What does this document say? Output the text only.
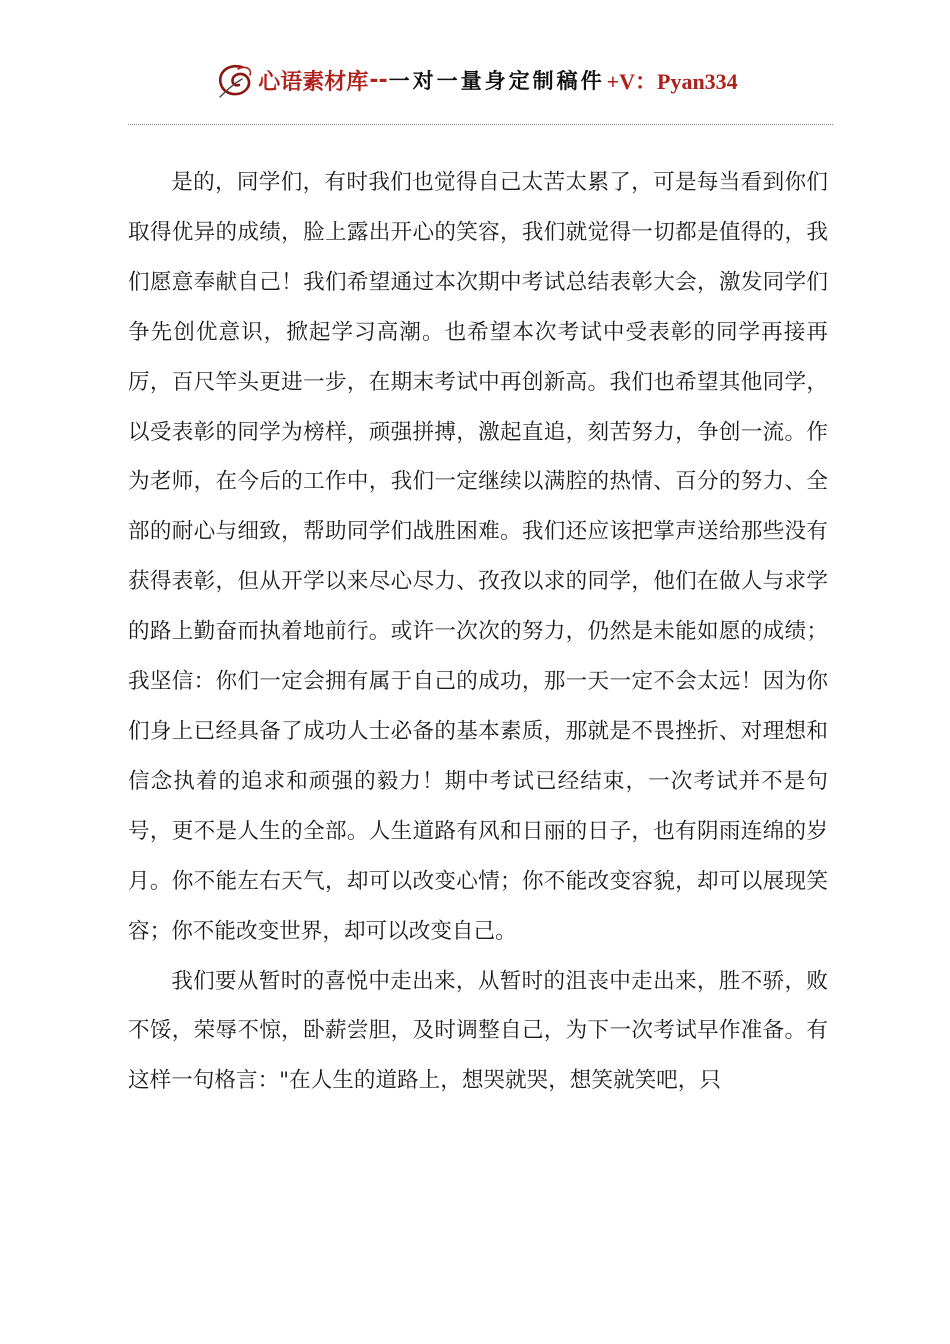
心语素材库 -- 一对一量身定制稿件 +V：Pyan334

是的，同学们，有时我们也觉得自己太苦太累了，可是每当看到你们取得优异的成绩，脸上露出开心的笑容，我们就觉得一切都是值得的，我们愿意奉献自己！我们希望通过本次期中考试总结表彰大会，激发同学们争先创优意识，掀起学习高潮。也希望本次考试中受表彰的同学再接再厉，百尺竿头更进一步，在期末考试中再创新高。我们也希望其他同学，以受表彰的同学为榜样，顽强拼搏，激起直追，刻苦努力，争创一流。作为老师，在今后的工作中，我们一定继续以满腔的热情、百分的努力、全部的耐心与细致，帮助同学们战胜困难。我们还应该把掌声送给那些没有获得表彰，但从开学以来尽心尽力、孜孜以求的同学，他们在做人与求学的路上勤奋而执着地前行。或许一次次的努力，仍然是未能如愿的成绩；我坚信：你们一定会拥有属于自己的成功，那一天一定不会太远！因为你们身上已经具备了成功人士必备的基本素质，那就是不畏挫折、对理想和信念执着的追求和顽强的毅力！期中考试已经结束，一次考试并不是句号，更不是人生的全部。人生道路有风和日丽的日子，也有阴雨连绵的岁月。你不能左右天气，却可以改变心情；你不能改变容貌，却可以展现笑容；你不能改变世界，却可以改变自己。

我们要从暂时的喜悦中走出来，从暂时的沮丧中走出来，胜不骄，败不馁，荣辱不惊，卧薪尝胆，及时调整自己，为下一次考试早作准备。有这样一句格言："在人生的道路上，想哭就哭，想笑就笑吧，只
